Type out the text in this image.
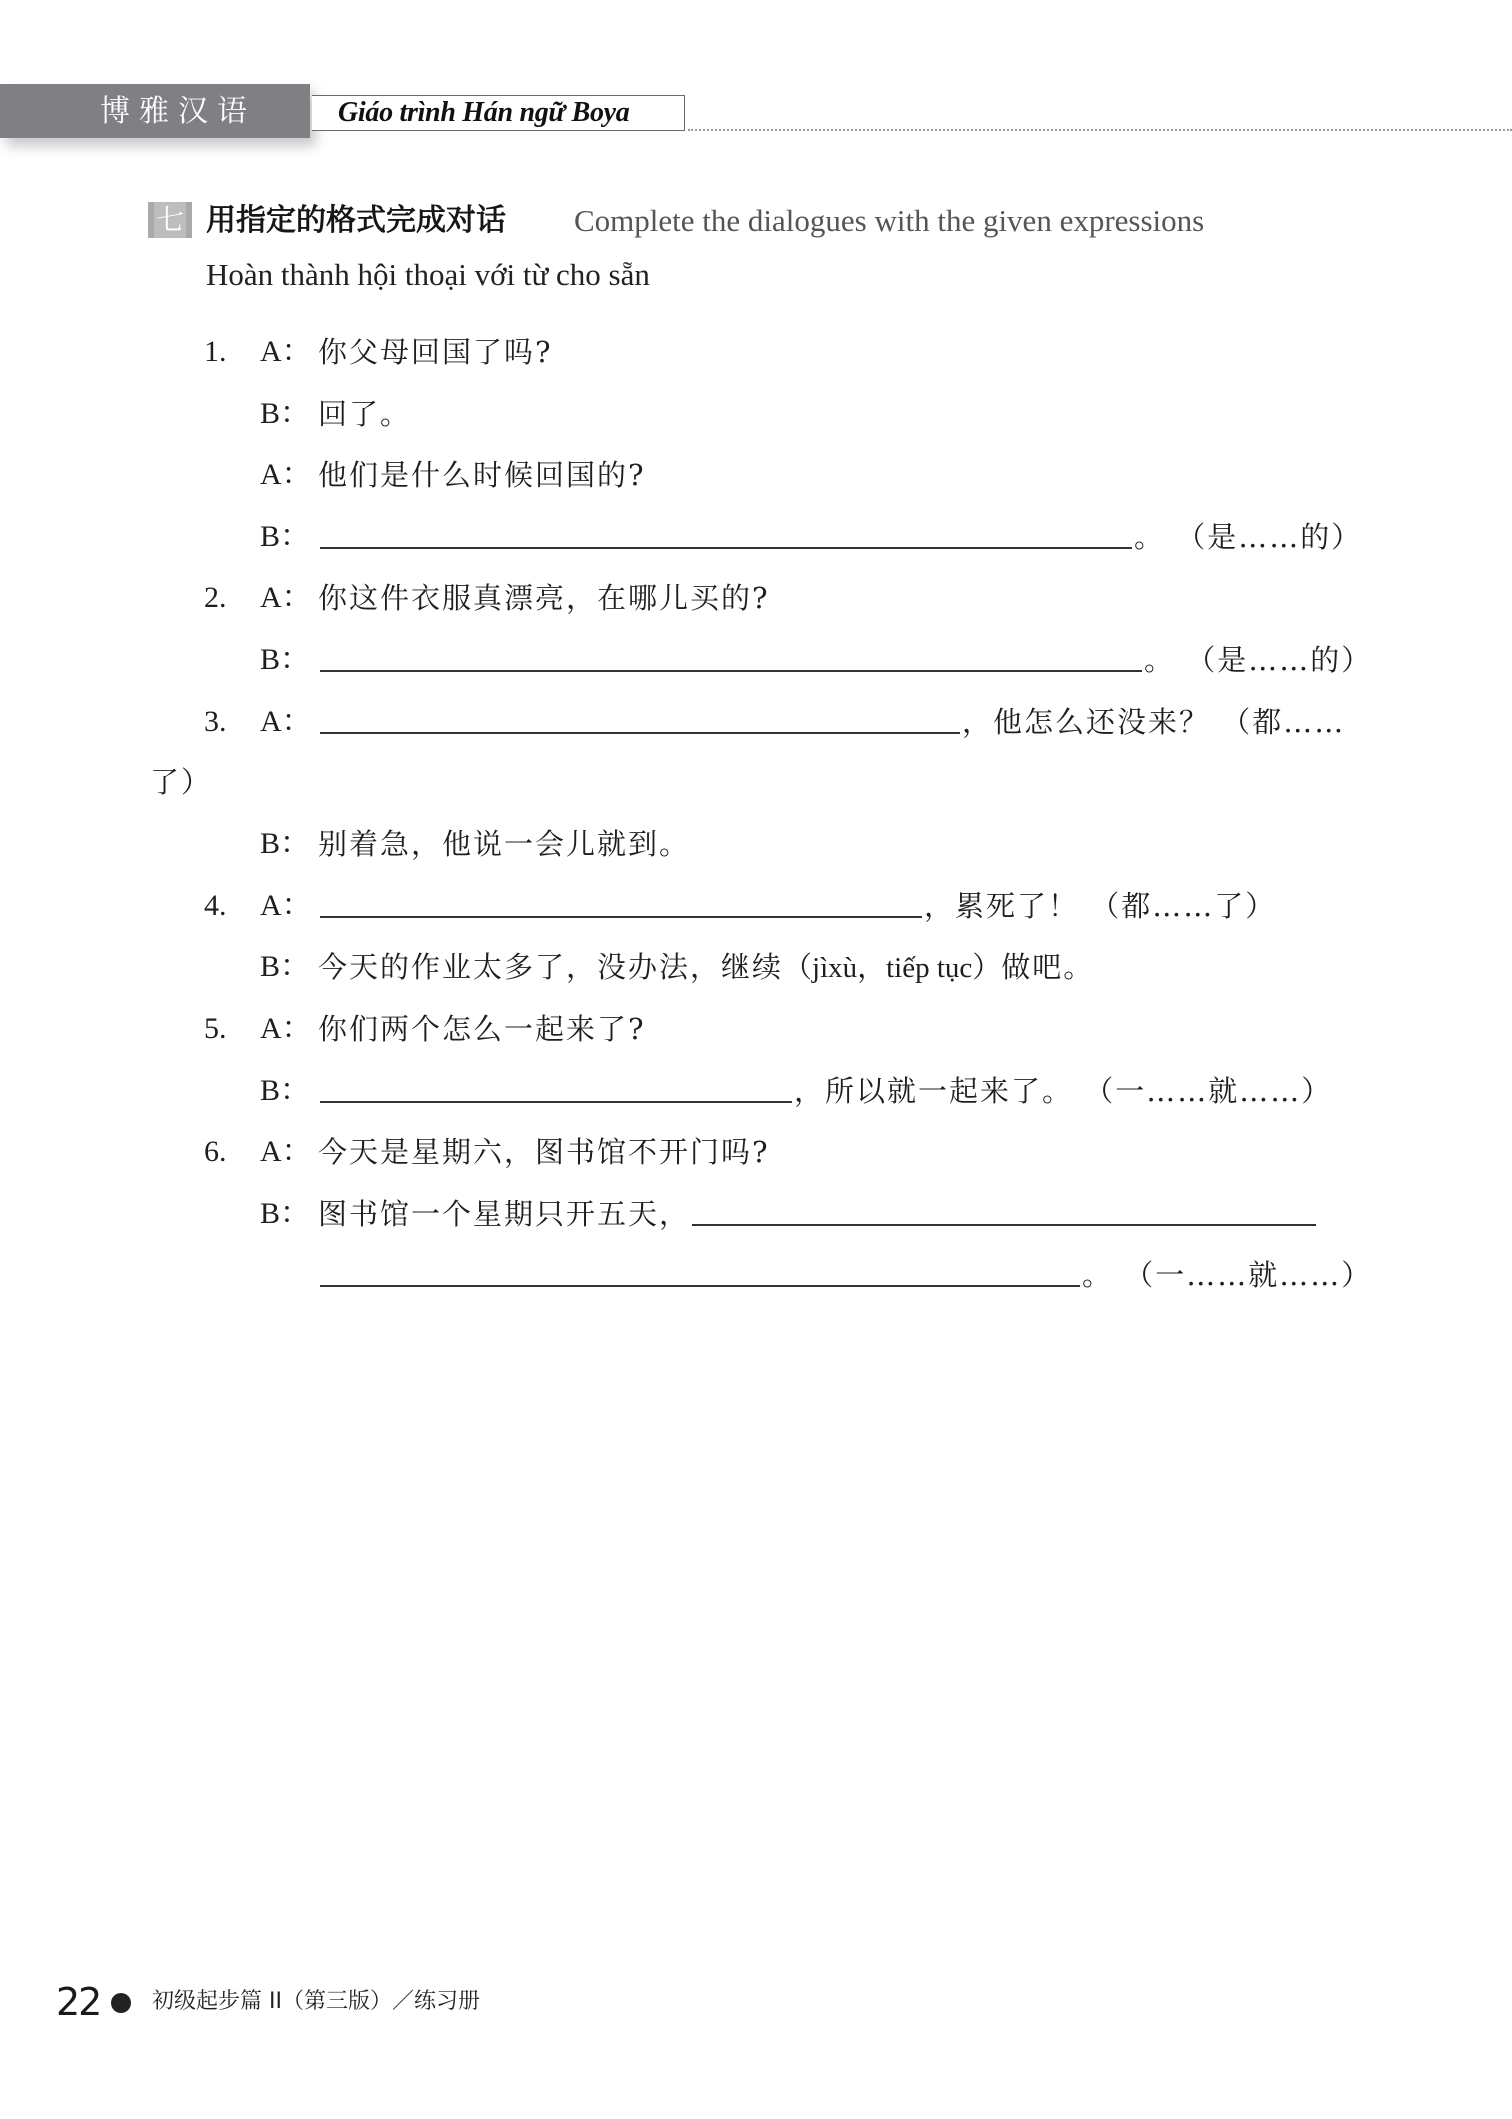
博雅汉语	Giáo trình Hán ngữ Boya
七 用指定的格式完成对话 Complete the dialogues with the given expressions
Hoàn thành hội thoại với từ cho sẵn
1. A： 你父母回国了吗?
B： 回了。
A： 他们是什么时候回国的?
B：	。 （是……的）
2. A： 你这件衣服真漂亮，在哪儿买的?
B：	。 （是……的）
3. A：	，他怎么还没来？ （都……
了）
B： 别着急，他说一会儿就到。
4. A：	，累死了！ （都……了）
B： 今天的作业太多了，没办法，继续（jìxù，tiếp tục）做吧。
5. A： 你们两个怎么一起来了?
B：	，所以就一起来了。 （一……就……）
6. A： 今天是星期六，图书馆不开门吗?
B： 图书馆一个星期只开五天，
。 （一……就……）
22 初级起步篇 II（第三版）／练习册
